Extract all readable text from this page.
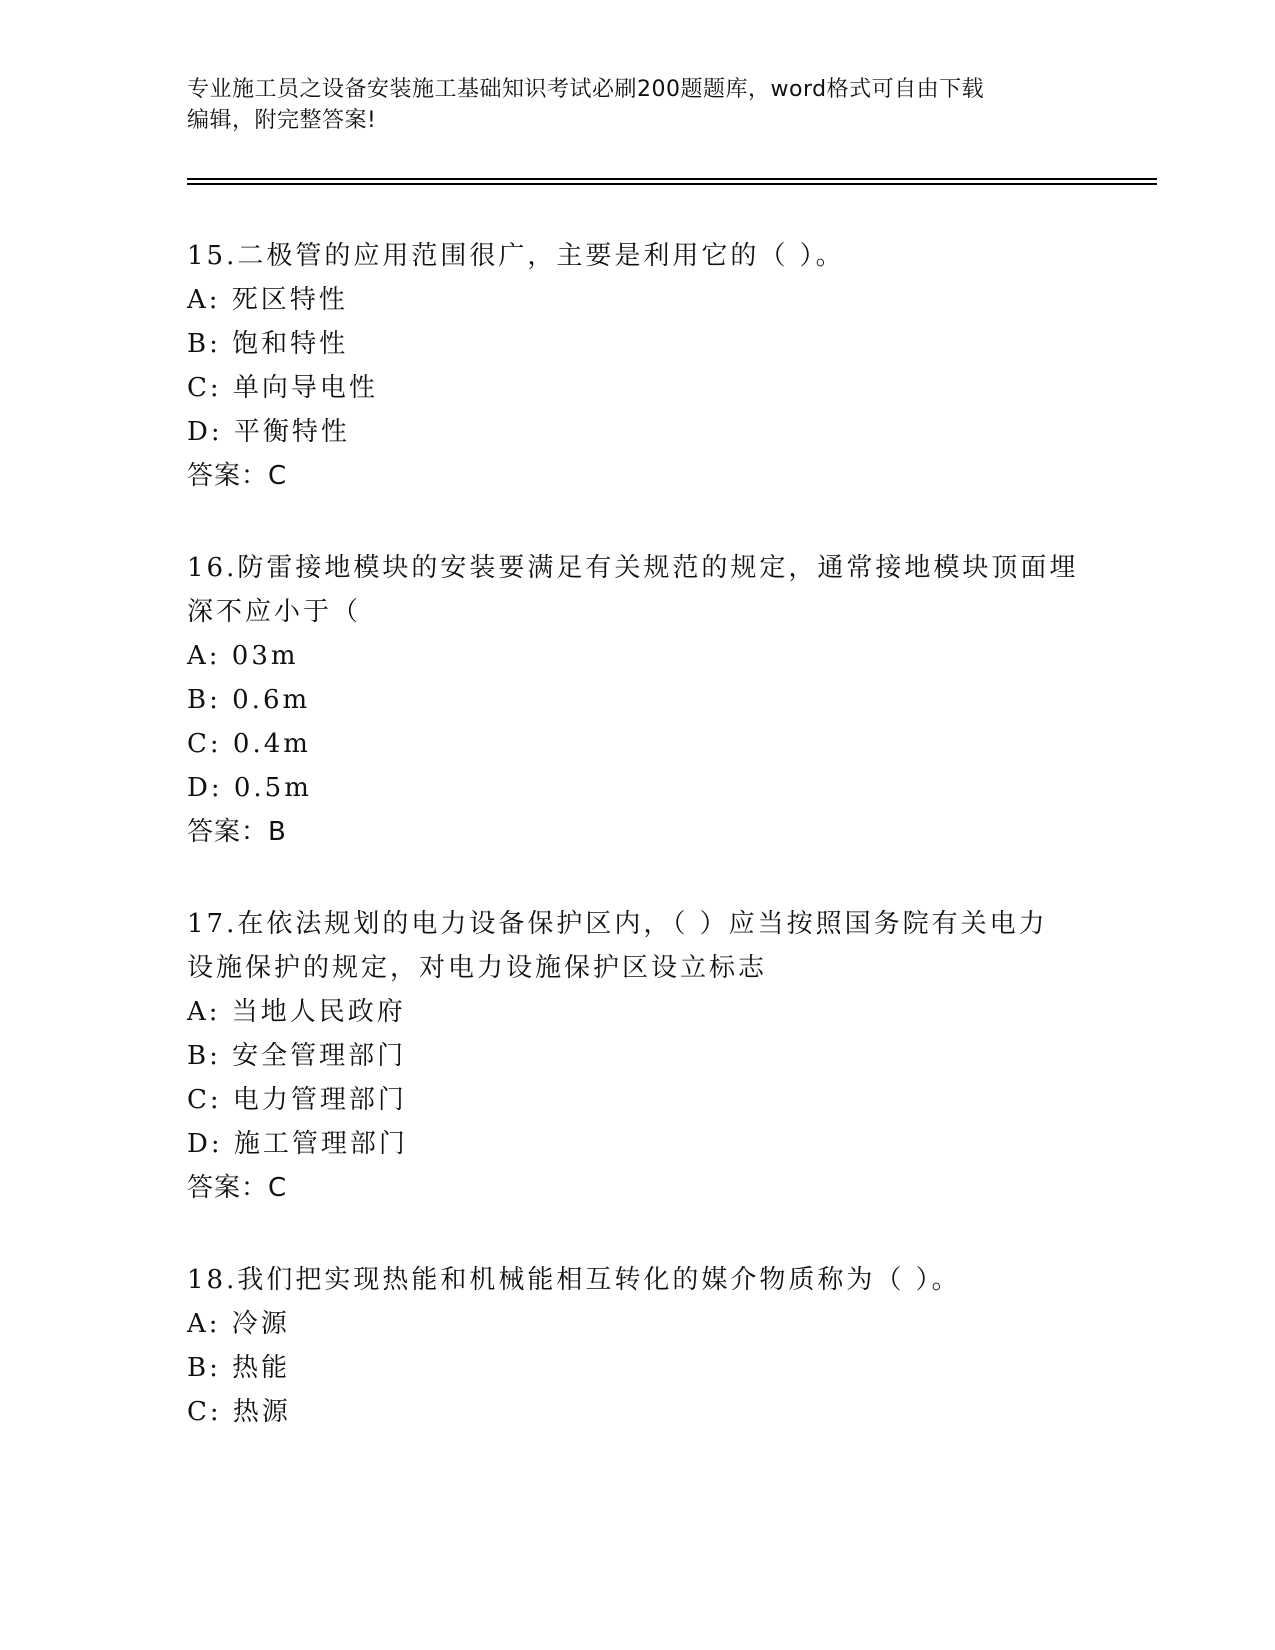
专业施工员之设备安装施工基础知识考试必刷200题题库，word格式可自由下载
编辑，附完整答案!
15.二极管的应用范围很广，主要是利用它的（ ）。
A: 死区特性
B: 饱和特性
C: 单向导电性
D: 平衡特性
答案：C
16.防雷接地模块的安装要满足有关规范的规定，通常接地模块顶面埋
深不应小于（
A: 03m
B: 0.6m
C: 0.4m
D: 0.5m
答案：B
17.在依法规划的电力设备保护区内，（ ）应当按照国务院有关电力
设施保护的规定，对电力设施保护区设立标志
A: 当地人民政府
B: 安全管理部门
C: 电力管理部门
D: 施工管理部门
答案：C
18.我们把实现热能和机械能相互转化的媒介物质称为（ ）。
A: 冷源
B: 热能
C: 热源
